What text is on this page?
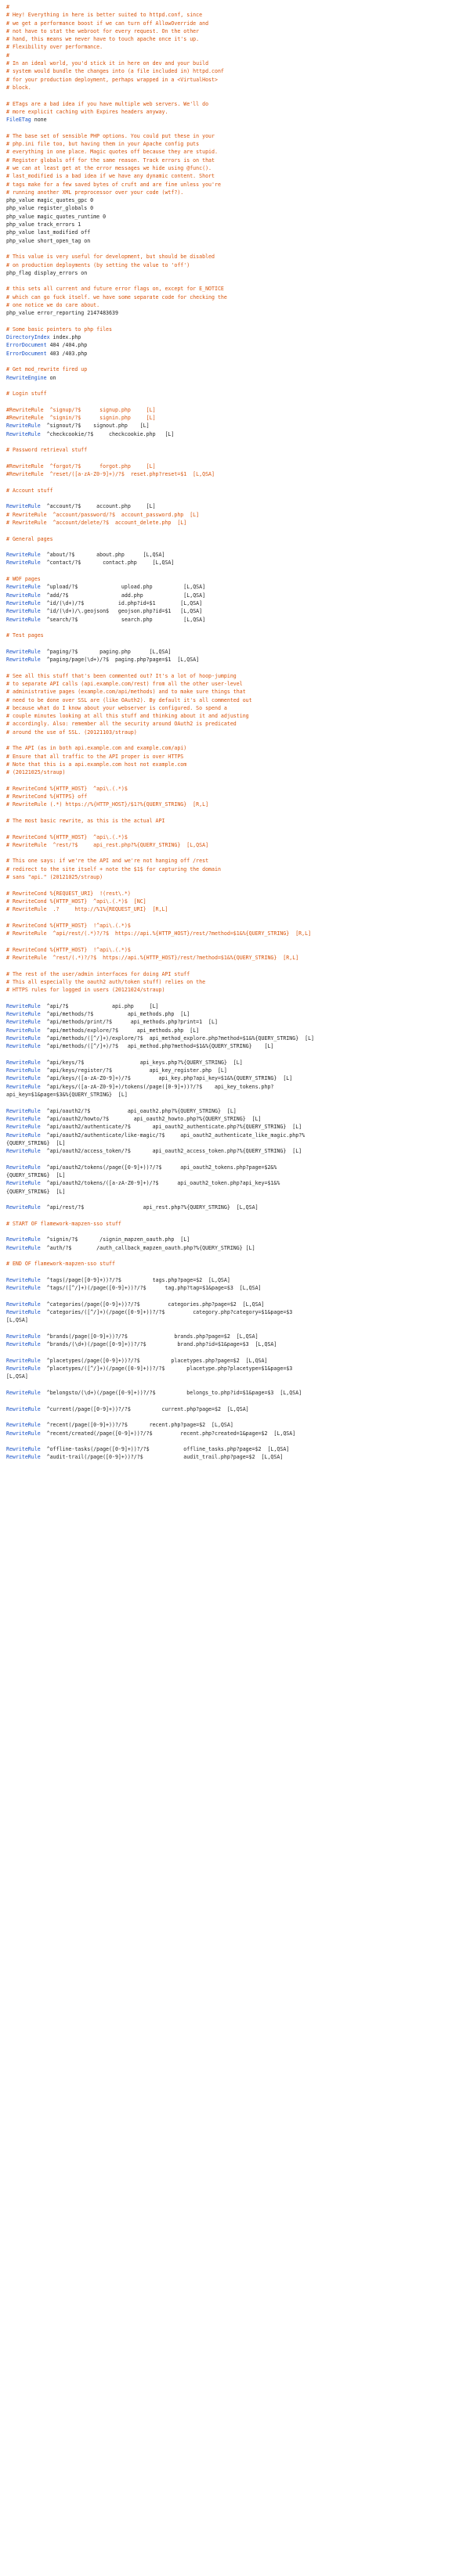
#
# Hey! Everything in here is better suited to httpd.conf, since
# we get a performance boost if we can turn off AllowOverride and
# not have to stat the webroot for every request. On the other
# hand, this means we never have to touch apache once it's up.
# Flexibility over performance.
#
# In an ideal world, you'd stick it in here on dev and your build
# system would bundle the changes into (a file included in) httpd.conf
# for your production deployment, perhaps wrapped in a <VirtualHost>
# block.
# ETags are a bad idea if you have multiple web servers. We'll do
# more explicit caching with Expires headers anyway.
FileETag none
# The base set of sensible PHP options. You could put these in your
# php.ini file too, but having them in your Apache config puts
# everything in one place. Magic quotes off because they are stupid.
# Register globals off for the same reason. Track errors is on that
# we can at least get at the error messages we hide using @func().
# last_modified is a bad idea if we have any dynamic content. Short
# tags make for a few saved bytes of cruft and are fine unless you're
# running another XML preprocessor over your code (wtf?).
php_value magic_quotes_gpc 0
php_value register_globals 0
php_value magic_quotes_runtime 0
php_value track_errors 1
php_value last_modified off
php_value short_open_tag on
# This value is very useful for development, but should be disabled
# on production deployments (by setting the value to 'off')
php_flag display_errors on
# this sets all current and future error flags on, except for E_NOTICE
# which can go fuck itself. we have some separate code for checking the
# one notice we do care about.
php_value error_reporting 2147483639
# Some basic pointers to php files
DirectoryIndex index.php
ErrorDocument 404 /404.php
ErrorDocument 403 /403.php
# Get mod_rewrite fired up
RewriteEngine on
# Login stuff
#RewriteRule  ^signup/?$      signup.php     [L]
#RewriteRule  ^signin/?$      signin.php     [L]
RewriteRule  ^signout/?$    signout.php    [L]
RewriteRule  ^checkcookie/?$     checkcookie.php   [L]
# Password retrieval stuff
#RewriteRule  ^forgot/?$      forgot.php     [L]
#RewriteRule  ^reset/([a-zA-Z0-9]+)/?$  reset.php?reset=$1  [L,QSA]
# Account stuff
RewriteRule  ^account/?$     account.php     [L]
# RewriteRule  ^account/password/?$  account_password.php  [L]
# RewriteRule  ^account/delete/?$  account_delete.php  [L]
# General pages
RewriteRule  ^about/?$       about.php      [L,QSA]
RewriteRule  ^contact/?$       contact.php     [L,QSA]
# WOF pages
RewriteRule  ^upload/?$              upload.php          [L,QSA]
RewriteRule  ^add/?$                 add.php             [L,QSA]
RewriteRule  ^id/(\d+)/?$           id.php?id=$1        [L,QSA]
RewriteRule  ^id/(\d+)/\.geojson$   geojson.php?id=$1   [L,QSA]
RewriteRule  ^search/?$              search.php          [L,QSA]
# Test pages
RewriteRule  ^paging/?$       paging.php      [L,QSA]
RewriteRule  ^paging/page(\d+)/?$  paging.php?page=$1  [L,QSA]
# See all this stuff that's been commented out? It's a lot of hoop-jumping
# to separate API calls (api.example.com/rest) from all the other user-level
# administrative pages (example.com/api/methods) and to make sure things that
# need to be done over SSL are (like OAuth2). By default it's all commented out
# because what do I know about your webserver is configured. So spend a
# couple minutes looking at all this stuff and thinking about it and adjusting
# accordingly. Also: remember all the security around OAuth2 is predicated
# around the use of SSL. (20121103/straup)
# The API (as in both api.example.com and example.com/api)
# Ensure that all traffic to the API proper is over HTTPS
# Note that this is a api.example.com host not example.com
# (20121025/straup)
# RewriteCond %{HTTP_HOST}  ^api\.(.*)$
# RewriteCond %{HTTPS} off
# RewriteRule (.*) https://%{HTTP_HOST}/$1?%{QUERY_STRING}  [R,L]
# The most basic rewrite, as this is the actual API
# RewriteCond %{HTTP_HOST}  ^api\.(.*)$
# RewriteRule  ^rest/?$     api_rest.php?%{QUERY_STRING}  [L,QSA]
# This one says: if we're the API and we're not hanging off /rest
# redirect to the site itself + note the $1$ for capturing the domain
# sans "api." (20121025/straup)
# RewriteCond %{REQUEST_URI}  !(rest\.*)
# RewriteCond %{HTTP_HOST}  ^api\.(.*)$  [NC]
# RewriteRule  .?     http://%1%{REQUEST_URI}  [R,L]
# RewriteCond %{HTTP_HOST}  !^api\.(.*)$
# RewriteRule  ^api/rest/(.*)?/?$  https://api.%{HTTP_HOST}/rest/?method=$1&%{QUERY_STRING}  [R,L]
# RewriteCond %{HTTP_HOST}  !^api\.(.*)$
# RewriteRule  ^rest/(.*)?/?$  https://api.%{HTTP_HOST}/rest/?method=$1&%{QUERY_STRING}  [R,L]
# The rest of the user/admin interfaces for doing API stuff
# This all especially the oauth2 auth/token stuff) relies on the
# HTTPS rules for logged in users (20121024/straup)
RewriteRule  ^api/?$              api.php     [L]
RewriteRule  ^api/methods/?$           api_methods.php  [L]
RewriteRule  ^api/methods/print/?$      api_methods.php?print=1  [L]
RewriteRule  ^api/methods/explore/?$      api_methods.php  [L]
RewriteRule  ^api/methods/([^/]+)/explore/?$  api_method_explore.php?method=$1&%{QUERY_STRING}  [L]
RewriteRule  ^api/methods/([^/]+)/?$   api_method.php?method=$1&%{QUERY_STRING}    [L]
RewriteRule  ^api/keys/?$                  api_keys.php?%{QUERY_STRING}  [L]
RewriteRule  ^api/keys/register/?$            api_key_register.php  [L]
RewriteRule  ^api/keys/([a-zA-Z0-9]+)/?$         api_key.php?api_key=$1&%{QUERY_STRING}  [L]
RewriteRule  ^api/keys/([a-zA-Z0-9]+)/tokens(/page([0-9]+))?/?$    api_key_tokens.php?
api_key=$1&page=$3&%{QUERY_STRING}  [L]
RewriteRule  ^api/oauth2/?$            api_oauth2.php?%{QUERY_STRING}  [L]
RewriteRule  ^api/oauth2/howto/?$        api_oauth2_howto.php?%{QUERY_STRING}  [L]
RewriteRule  ^api/oauth2/authenticate/?$       api_oauth2_authenticate.php?%{QUERY_STRING}  [L]
RewriteRule  ^api/oauth2/authenticate/like-magic/?$     api_oauth2_authenticate_like_magic.php?%
{QUERY_STRING}  [L]
RewriteRule  ^api/oauth2/access_token/?$       api_oauth2_access_token.php?%{QUERY_STRING}  [L]
RewriteRule  ^api/oauth2/tokens(/page([0-9]+))?/?$      api_oauth2_tokens.php?page=$2&%
{QUERY_STRING}  [L]
RewriteRule  ^api/oauth2/tokens/([a-zA-Z0-9]+)/?$      api_oauth2_token.php?api_key=$1&%
{QUERY_STRING}  [L]
RewriteRule  ^api/rest/?$                   api_rest.php?%{QUERY_STRING}  [L,QSA]
# START OF flamework-mapzen-sso stuff
RewriteRule  ^signin/?$       /signin_mapzen_oauth.php  [L]
RewriteRule  ^auth/?$        /auth_callback_mapzen_oauth.php?%{QUERY_STRING} [L]
# END OF flamework-mapzen-sso stuff
RewriteRule  ^tags(/page([0-9]+))?/?$          tags.php?page=$2  [L,QSA]
RewriteRule  ^tags/([^/]+)(/page([0-9]+))?/?$      tag.php?tag=$1&page=$3  [L,QSA]
RewriteRule  ^categories(/page([0-9]+))?/?$         categories.php?page=$2  [L,QSA]
RewriteRule  ^categories/([^/]+)(/page([0-9]+))?/?$         category.php?category=$1&page=$3
[L,QSA]
RewriteRule  ^brands(/page([0-9]+))?/?$               brands.php?page=$2  [L,QSA]
RewriteRule  ^brands/(\d+)(/page([0-9]+))?/?$          brand.php?id=$1&page=$3  [L,QSA]
RewriteRule  ^placetypes(/page([0-9]+))?/?$          placetypes.php?page=$2  [L,QSA]
RewriteRule  ^placetypes/([^/]+)(/page([0-9]+))?/?$       placetype.php?placetype=$1&page=$3
[L,QSA]
RewriteRule  ^belongsto/(\d+)(/page([0-9]+))?/?$          belongs_to.php?id=$1&page=$3  [L,QSA]
RewriteRule  ^current(/page([0-9]+))?/?$          current.php?page=$2  [L,QSA]
RewriteRule  ^recent(/page([0-9]+))?/?$       recent.php?page=$2  [L,QSA]
RewriteRule  ^recent/created(/page([0-9]+))?/?$         recent.php?created=1&page=$2  [L,QSA]
RewriteRule  ^offline-tasks(/page([0-9]+))?/?$           offline_tasks.php?page=$2  [L,QSA]
RewriteRule  ^audit-trail(/page([0-9]+))?/?$             audit_trail.php?page=$2  [L,QSA]
